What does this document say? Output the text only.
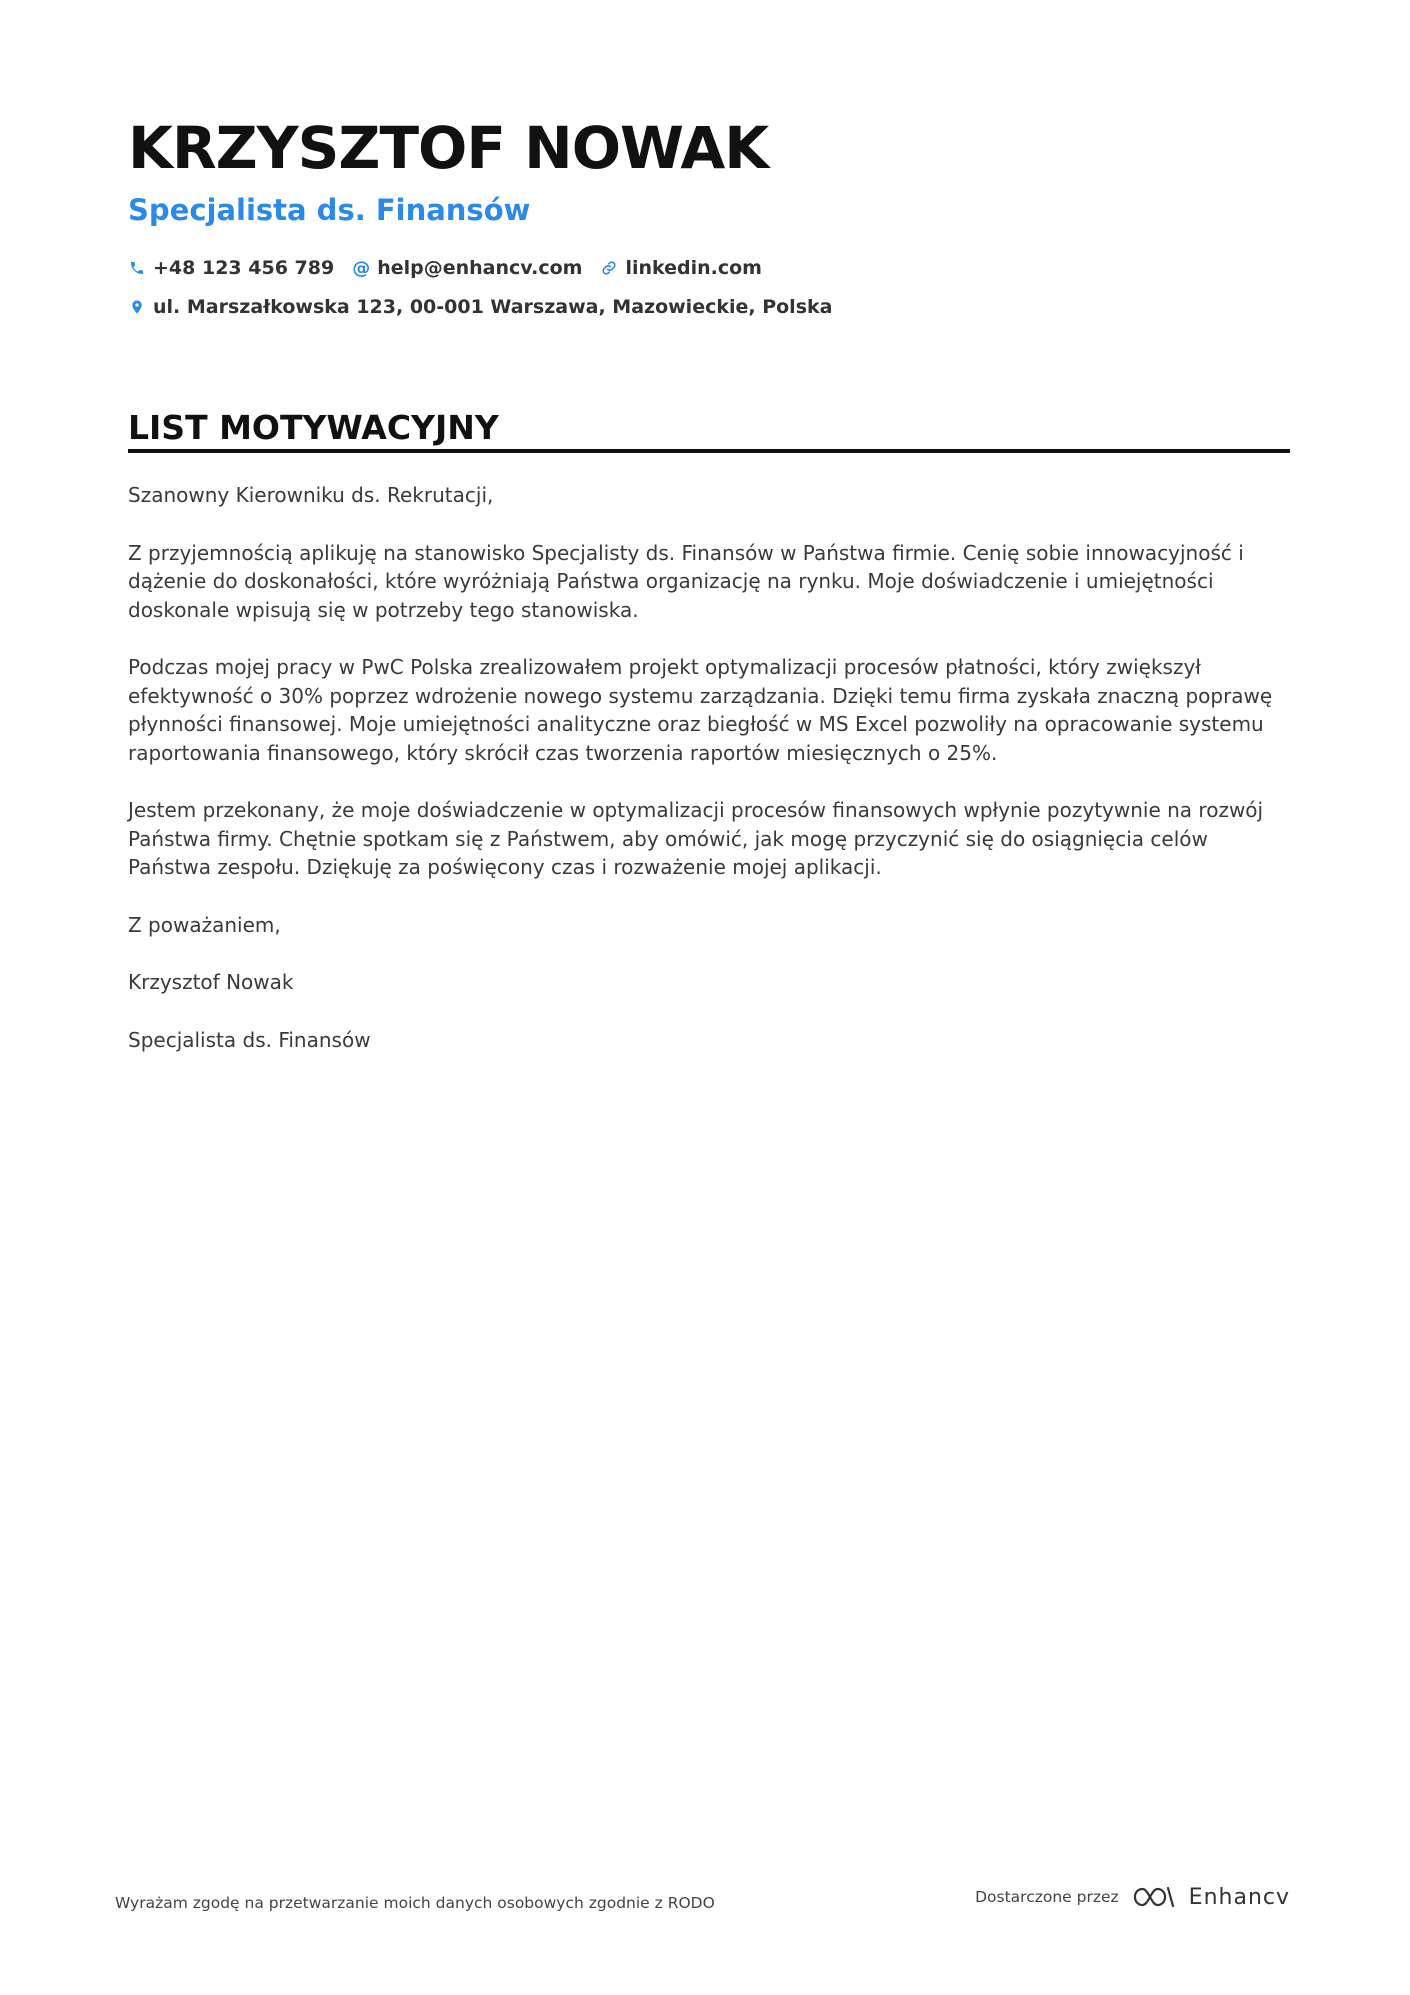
KRZYSZTOF NOWAK
Specjalista ds. Finansów
+48 123 456 789 @ help@enhancv.com linkedin.com
ul. Marszałkowska 123, 00-001 Warszawa, Mazowieckie, Polska
LIST MOTYWACYJNY

Szanowny Kierowniku ds. Rekrutacji,

Z przyjemnością aplikuję na stanowisko Specjalisty ds. Finansów w Państwa firmie. Cenię sobie innowacyjność i dążenie do doskonałości, które wyróżniają Państwa organizację na rynku. Moje doświadczenie i umiejętności doskonale wpisują się w potrzeby tego stanowiska.

Podczas mojej pracy w PwC Polska zrealizowałem projekt optymalizacji procesów płatności, który zwiększył efektywność o 30% poprzez wdrożenie nowego systemu zarządzania. Dzięki temu firma zyskała znaczną poprawę płynności finansowej. Moje umiejętności analityczne oraz biegłość w MS Excel pozwoliły na opracowanie systemu raportowania finansowego, który skrócił czas tworzenia raportów miesięcznych o 25%.

Jestem przekonany, że moje doświadczenie w optymalizacji procesów finansowych wpłynie pozytywnie na rozwój Państwa firmy. Chętnie spotkam się z Państwem, aby omówić, jak mogę przyczynić się do osiągnięcia celów Państwa zespołu. Dziękuję za poświęcony czas i rozważenie mojej aplikacji.

Z poważaniem,

Krzysztof Nowak

Specjalista ds. Finansów

Wyrażam zgodę na przetwarzanie moich danych osobowych zgodnie z RODO	Dostarczone przez	Enhancv
